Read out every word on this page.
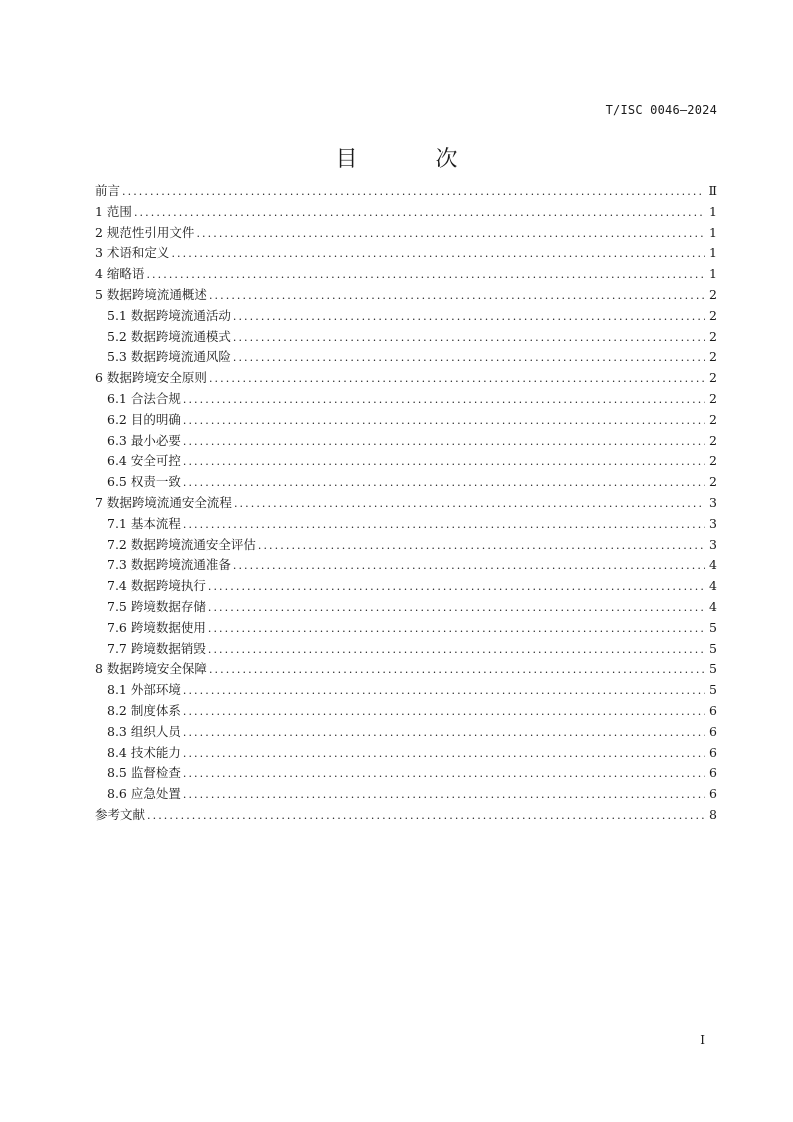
T/ISC 0046—2024
目　次
前言 .....	Ⅱ
1 范围 .....	1
2 规范性引用文件 .....	1
3 术语和定义 .....	1
4 缩略语 .....	1
5 数据跨境流通概述 .....	2
5.1 数据跨境流通活动 .....	2
5.2 数据跨境流通模式 .....	2
5.3 数据跨境流通风险 .....	2
6 数据跨境安全原则 .....	2
6.1 合法合规 .....	2
6.2 目的明确 .....	2
6.3 最小必要 .....	2
6.4 安全可控 .....	2
6.5 权责一致 .....	2
7 数据跨境流通安全流程 .....	3
7.1 基本流程 .....	3
7.2 数据跨境流通安全评估 .....	3
7.3 数据跨境流通准备 .....	4
7.4 数据跨境执行 .....	4
7.5 跨境数据存储 .....	4
7.6 跨境数据使用 .....	5
7.7 跨境数据销毁 .....	5
8 数据跨境安全保障 .....	5
8.1 外部环境 .....	5
8.2 制度体系 .....	6
8.3 组织人员 .....	6
8.4 技术能力 .....	6
8.5 监督检查 .....	6
8.6 应急处置 .....	6
参考文献 .....	8
I
